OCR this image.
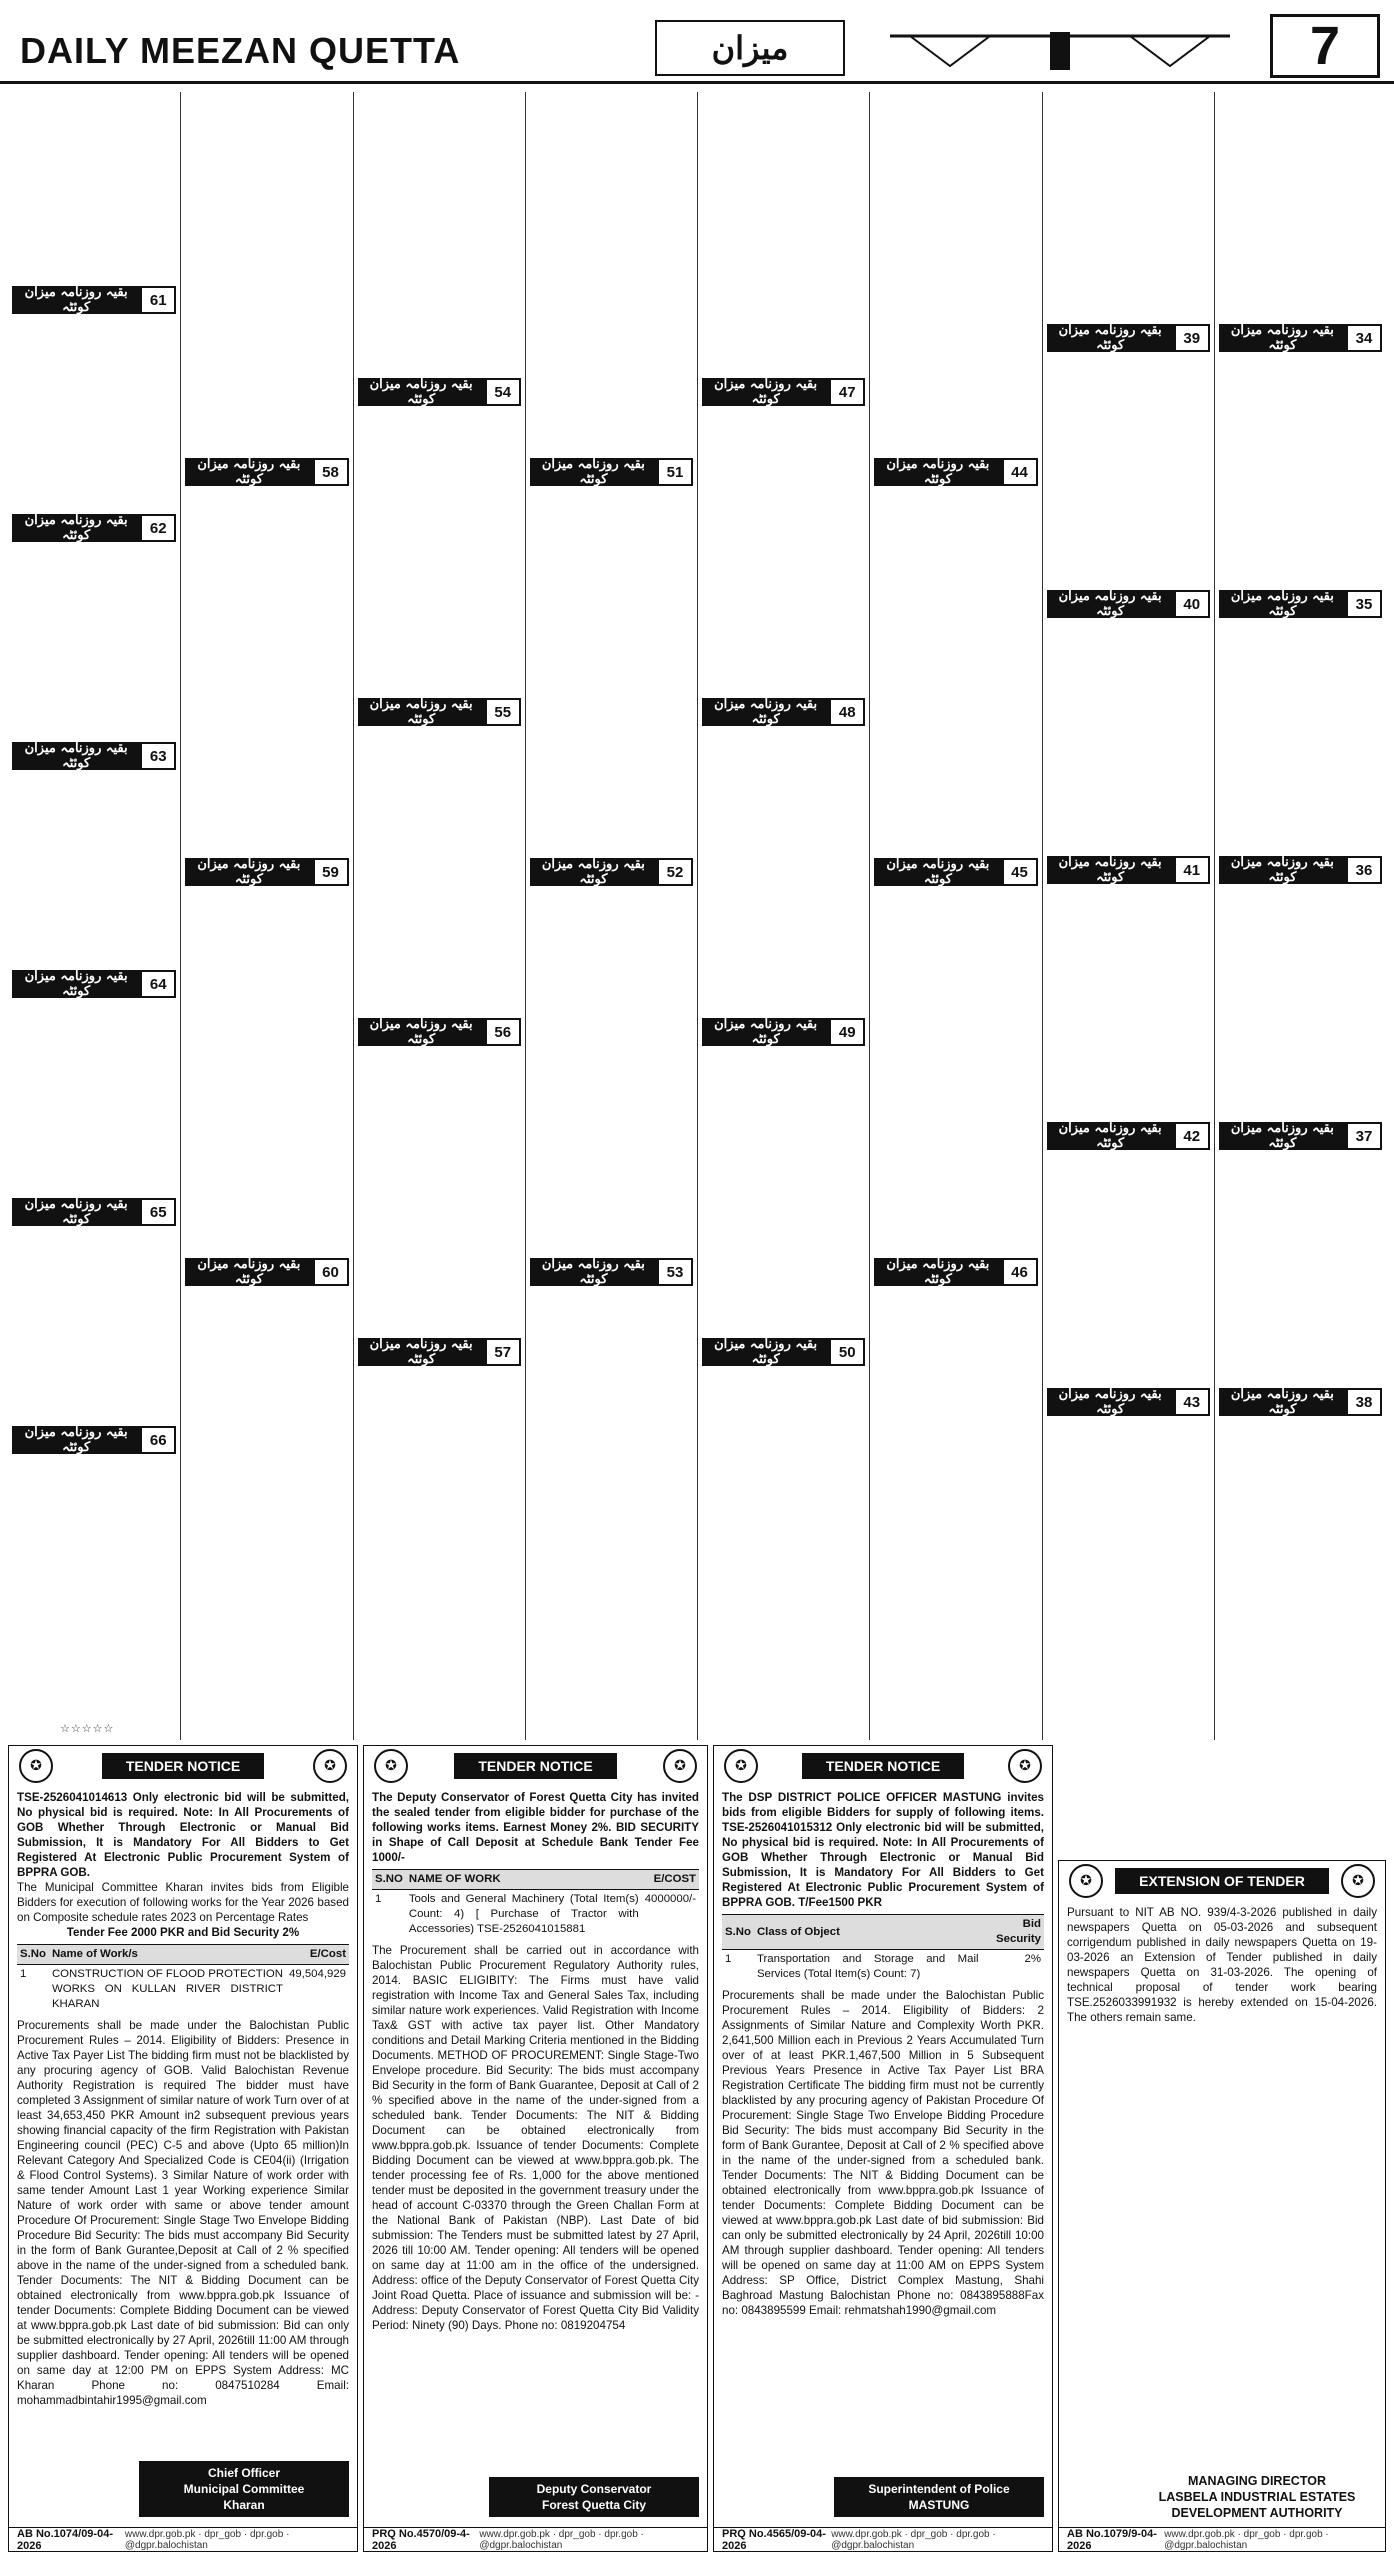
DAILY MEEZAN QUETTA	میزان	7
بقیہ روزنامہ میزان کوئٹہ	61
بقیہ روزنامہ میزان کوئٹہ	62
بقیہ روزنامہ میزان کوئٹہ	63
بقیہ روزنامہ میزان کوئٹہ	64
بقیہ روزنامہ میزان کوئٹہ	65
بقیہ روزنامہ میزان کوئٹہ	66
بقیہ روزنامہ میزان کوئٹہ	58
بقیہ روزنامہ میزان کوئٹہ	59
بقیہ روزنامہ میزان کوئٹہ	60
بقیہ روزنامہ میزان کوئٹہ	54
بقیہ روزنامہ میزان کوئٹہ	55
بقیہ روزنامہ میزان کوئٹہ	56
بقیہ روزنامہ میزان کوئٹہ	57
بقیہ روزنامہ میزان کوئٹہ	51
بقیہ روزنامہ میزان کوئٹہ	52
بقیہ روزنامہ میزان کوئٹہ	53
بقیہ روزنامہ میزان کوئٹہ	47
بقیہ روزنامہ میزان کوئٹہ	48
بقیہ روزنامہ میزان کوئٹہ	49
بقیہ روزنامہ میزان کوئٹہ	50
بقیہ روزنامہ میزان کوئٹہ	44
بقیہ روزنامہ میزان کوئٹہ	45
بقیہ روزنامہ میزان کوئٹہ	46
بقیہ روزنامہ میزان کوئٹہ	39
بقیہ روزنامہ میزان کوئٹہ	40
بقیہ روزنامہ میزان کوئٹہ	41
بقیہ روزنامہ میزان کوئٹہ	42
بقیہ روزنامہ میزان کوئٹہ	43
بقیہ روزنامہ میزان کوئٹہ	34
بقیہ روزنامہ میزان کوئٹہ	35
بقیہ روزنامہ میزان کوئٹہ	36
بقیہ روزنامہ میزان کوئٹہ	37
بقیہ روزنامہ میزان کوئٹہ	38
☆☆☆☆☆
✪	TENDER NOTICE	✪

TSE-2526041014613 Only electronic bid will be submitted, No physical bid is required. Note: In All Procurements of GOB Whether Through Electronic or Manual Bid Submission, It is Mandatory For All Bidders to Get Registered At Electronic Public Procurement System of BPPRA GOB.

The Municipal Committee Kharan invites bids from Eligible Bidders for execution of following works for the Year 2026 based on Composite schedule rates 2023 on Percentage Rates

Tender Fee 2000 PKR and Bid Security 2%

S.No	Name of Work/s	E/Cost
1	CONSTRUCTION OF FLOOD PROTECTION WORKS ON KULLAN RIVER DISTRICT KHARAN	49,504,929

Procurements shall be made under the Balochistan Public Procurement Rules – 2014. Eligibility of Bidders: Presence in Active Tax Payer List The bidding firm must not be blacklisted by any procuring agency of GOB. Valid Balochistan Revenue Authority Registration is required The bidder must have completed 3 Assignment of similar nature of work Turn over of at least 34,653,450 PKR Amount in2 subsequent previous years showing financial capacity of the firm Registration with Pakistan Engineering council (PEC) C-5 and above (Upto 65 million)In Relevant Category And Specialized Code is CE04(ii) (Irrigation & Flood Control Systems). 3 Similar Nature of work order with same tender Amount Last 1 year Working experience Similar Nature of work order with same or above tender amount Procedure Of Procurement: Single Stage Two Envelope Bidding Procedure Bid Security: The bids must accompany Bid Security in the form of Bank Gurantee,Deposit at Call of 2 % specified above in the name of the under-signed from a scheduled bank. Tender Documents: The NIT & Bidding Document can be obtained electronically from www.bppra.gob.pk Issuance of tender Documents: Complete Bidding Document can be viewed at www.bppra.gob.pk Last date of bid submission: Bid can only be submitted electronically by 27 April, 2026till 11:00 AM through supplier dashboard. Tender opening: All tenders will be opened on same day at 12:00 PM on EPPS System Address: MC Kharan Phone no: 0847510284 Email: mohammadbintahir1995@gmail.com

Chief Officer
Municipal Committee
Kharan
AB No.1074/09-04-2026
www.dpr.gob.pk · dpr_gob · dpr.gob · @dgpr.balochistan
✪	TENDER NOTICE	✪

The Deputy Conservator of Forest Quetta City has invited the sealed tender from eligible bidder for purchase of the following works items. Earnest Money 2%. BID SECURITY in Shape of Call Deposit at Schedule Bank Tender Fee 1000/-

S.NO	NAME OF WORK	E/COST
1	Tools and General Machinery (Total Item(s) Count: 4) [ Purchase of Tractor with Accessories) TSE-2526041015881	4000000/-

The Procurement shall be carried out in accordance with Balochistan Public Procurement Regulatory Authority rules, 2014. BASIC ELIGIBITY: The Firms must have valid registration with Income Tax and General Sales Tax, including similar nature work experiences. Valid Registration with Income Tax& GST with active tax payer list. Other Mandatory conditions and Detail Marking Criteria mentioned in the Bidding Documents. METHOD OF PROCUREMENT: Single Stage-Two Envelope procedure. Bid Security: The bids must accompany Bid Security in the form of Bank Guarantee, Deposit at Call of 2 % specified above in the name of the under-signed from a scheduled bank. Tender Documents: The NIT & Bidding Document can be obtained electronically from www.bppra.gob.pk. Issuance of tender Documents: Complete Bidding Document can be viewed at www.bppra.gob.pk. The tender processing fee of Rs. 1,000 for the above mentioned tender must be deposited in the government treasury under the head of account C-03370 through the Green Challan Form at the National Bank of Pakistan (NBP). Last Date of bid submission: The Tenders must be submitted latest by 27 April, 2026 till 10:00 AM. Tender opening: All tenders will be opened on same day at 11:00 am in the office of the undersigned. Address: office of the Deputy Conservator of Forest Quetta City Joint Road Quetta. Place of issuance and submission will be: - Address: Deputy Conservator of Forest Quetta City Bid Validity Period: Ninety (90) Days. Phone no: 0819204754

Deputy Conservator
Forest Quetta City
PRQ No.4570/09-4-2026
www.dpr.gob.pk · dpr_gob · dpr.gob · @dgpr.balochistan
✪	TENDER NOTICE	✪

The DSP DISTRICT POLICE OFFICER MASTUNG invites bids from eligible Bidders for supply of following items. TSE-2526041015312 Only electronic bid will be submitted, No physical bid is required. Note: In All Procurements of GOB Whether Through Electronic or Manual Bid Submission, It is Mandatory For All Bidders to Get Registered At Electronic Public Procurement System of BPPRA GOB. T/Fee1500 PKR

S.No	Class of Object	Bid Security
1	Transportation and Storage and Mail Services (Total Item(s) Count: 7)	2%

Procurements shall be made under the Balochistan Public Procurement Rules – 2014. Eligibility of Bidders: 2 Assignments of Similar Nature and Complexity Worth PKR. 2,641,500 Million each in Previous 2 Years Accumulated Turn over of at least PKR.1,467,500 Million in 5 Subsequent Previous Years Presence in Active Tax Payer List BRA Registration Certificate The bidding firm must not be currently blacklisted by any procuring agency of Pakistan Procedure Of Procurement: Single Stage Two Envelope Bidding Procedure Bid Security: The bids must accompany Bid Security in the form of Bank Gurantee, Deposit at Call of 2 % specified above in the name of the under-signed from a scheduled bank. Tender Documents: The NIT & Bidding Document can be obtained electronically from www.bppra.gob.pk Issuance of tender Documents: Complete Bidding Document can be viewed at www.bppra.gob.pk Last date of bid submission: Bid can only be submitted electronically by 24 April, 2026till 10:00 AM through supplier dashboard. Tender opening: All tenders will be opened on same day at 11:00 AM on EPPS System Address: SP Office, District Complex Mastung, Shahi Baghroad Mastung Balochistan Phone no: 0843895888Fax no: 0843895599 Email: rehmatshah1990@gmail.com

Superintendent of Police
MASTUNG
PRQ No.4565/09-04-2026
www.dpr.gob.pk · dpr_gob · dpr.gob · @dgpr.balochistan
✪	EXTENSION OF TENDER	✪

Pursuant to NIT AB NO. 939/4-3-2026 published in daily newspapers Quetta on 05-03-2026 and subsequent corrigendum published in daily newspapers Quetta on 19-03-2026 an Extension of Tender published in daily newspapers Quetta on 31-03-2026. The opening of technical proposal of tender work bearing TSE.2526033991932 is hereby extended on 15-04-2026. The others remain same.

MANAGING DIRECTOR
LASBELA INDUSTRIAL ESTATES
DEVELOPMENT AUTHORITY
AB No.1079/9-04-2026
www.dpr.gob.pk · dpr_gob · dpr.gob · @dgpr.balochistan
